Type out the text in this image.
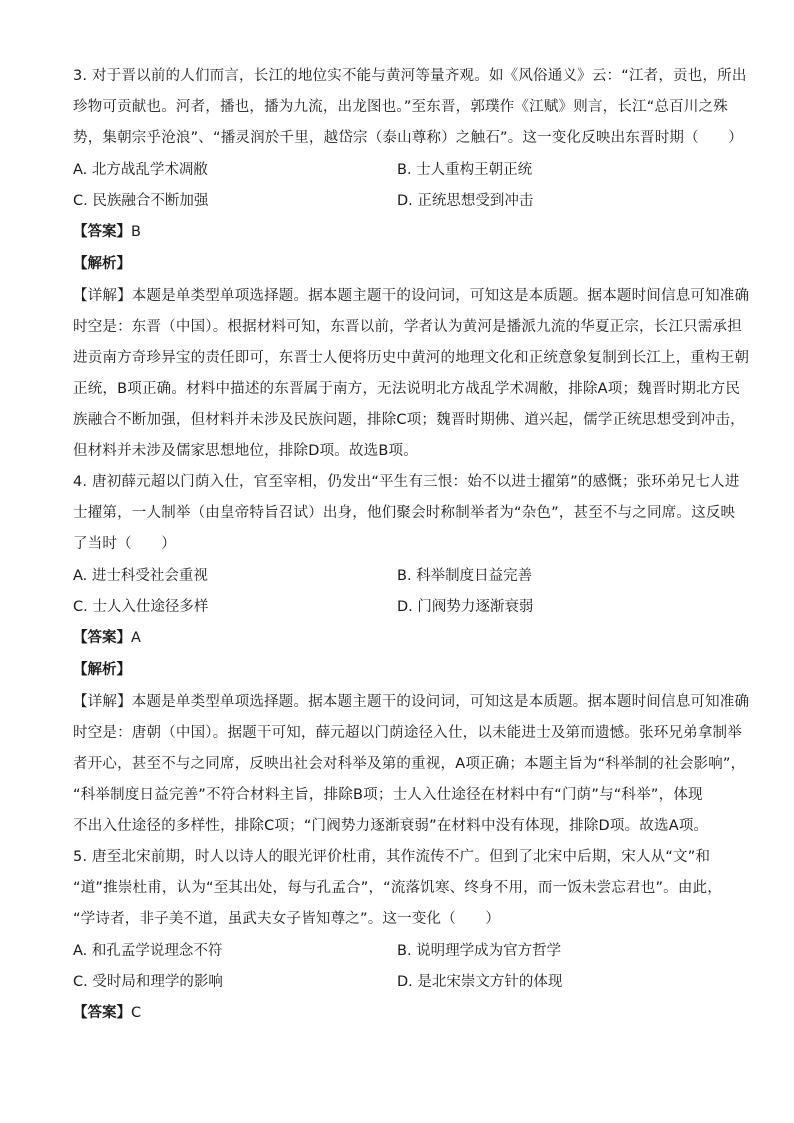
3. 对于晋以前的人们而言，长江的地位实不能与黄河等量齐观。如《风俗通义》云：“江者，贡也，所出
珍物可贡献也。河者，播也，播为九流，出龙图也。”至东晋，郭璞作《江赋》则言，长江“总百川之殊
势，集朝宗乎沧浪”、“播灵润於千里，越岱宗（泰山尊称）之触石”。这一变化反映出东晋时期（　　）
A. 北方战乱学术凋敝	B. 士人重构王朝正统
C. 民族融合不断加强	D. 正统思想受到冲击
【答案】B
【解析】
【详解】本题是单类型单项选择题。据本题主题干的设问词，可知这是本质题。据本题时间信息可知准确
时空是：东晋（中国）。根据材料可知，东晋以前，学者认为黄河是播派九流的华夏正宗，长江只需承担
进贡南方奇珍异宝的责任即可，东晋士人便将历史中黄河的地理文化和正统意象复制到长江上，重构王朝
正统，B项正确。材料中描述的东晋属于南方，无法说明北方战乱学术凋敝，排除A项；魏晋时期北方民
族融合不断加强，但材料并未涉及民族问题，排除C项；魏晋时期佛、道兴起，儒学正统思想受到冲击，
但材料并未涉及儒家思想地位，排除D项。故选B项。
4. 唐初薛元超以门荫入仕，官至宰相，仍发出“平生有三恨：始不以进士擢第”的感慨；张环弟兄七人进
士擢第，一人制举（由皇帝特旨召试）出身，他们聚会时称制举者为“杂色”，甚至不与之同席。这反映
了当时（　　）
A. 进士科受社会重视	B. 科举制度日益完善
C. 士人入仕途径多样	D. 门阀势力逐渐衰弱
【答案】A
【解析】
【详解】本题是单类型单项选择题。据本题主题干的设问词，可知这是本质题。据本题时间信息可知准确
时空是：唐朝（中国）。据题干可知，薛元超以门荫途径入仕，以未能进士及第而遗憾。张环兄弟拿制举
者开心，甚至不与之同席，反映出社会对科举及第的重视，A项正确；本题主旨为“科举制的社会影响”，
“科举制度日益完善”不符合材料主旨，排除B项；士人入仕途径在材料中有“门荫”与“科举”，体现
不出入仕途径的多样性，排除C项；“门阀势力逐渐衰弱”在材料中没有体现，排除D项。故选A项。
5. 唐至北宋前期，时人以诗人的眼光评价杜甫，其作流传不广。但到了北宋中后期，宋人从“文”和
“道”推崇杜甫，认为“至其出处，每与孔孟合”，“流落饥寒、终身不用，而一饭未尝忘君也”。由此，
“学诗者，非子美不道，虽武夫女子皆知尊之”。这一变化（　　）
A. 和孔孟学说理念不符	B. 说明理学成为官方哲学
C. 受时局和理学的影响	D. 是北宋崇文方针的体现
【答案】C
